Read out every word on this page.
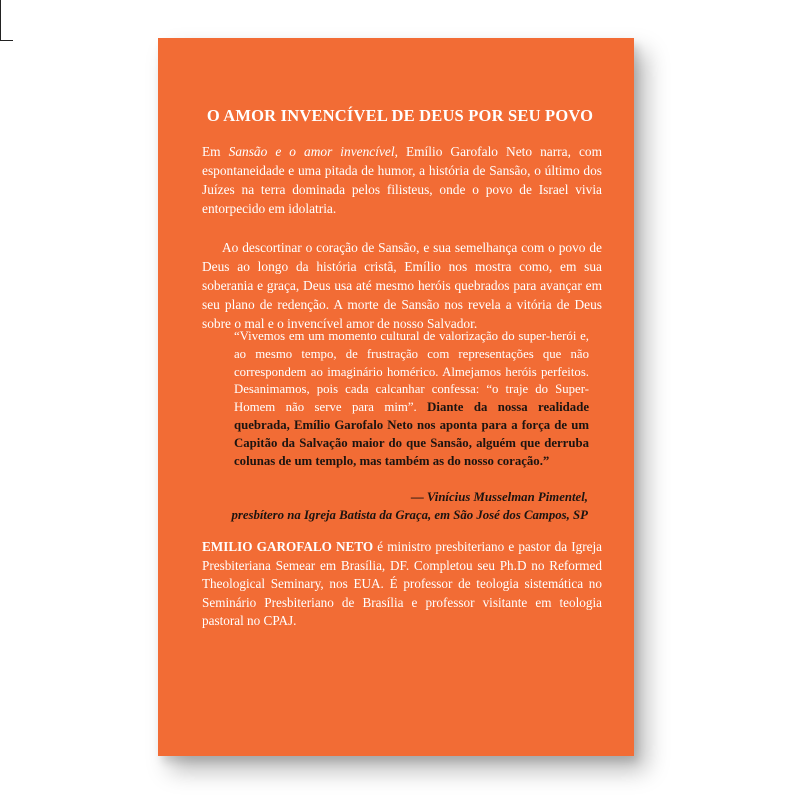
O AMOR INVENCÍVEL DE DEUS POR SEU POVO

Em Sansão e o amor invencível, Emílio Garofalo Neto narra, com espontaneidade e uma pitada de humor, a história de Sansão, o último dos Juízes na terra dominada pelos filisteus, onde o povo de Israel vivia entorpecido em idolatria.

Ao descortinar o coração de Sansão, e sua semelhança com o povo de Deus ao longo da história cristã, Emílio nos mostra como, em sua soberania e graça, Deus usa até mesmo heróis quebrados para avançar em seu plano de redenção. A morte de Sansão nos revela a vitória de Deus sobre o mal e o invencível amor de nosso Salvador.

“Vivemos em um momento cultural de valorização do super-herói e, ao mesmo tempo, de frustração com representações que não correspondem ao imaginário homérico. Almejamos heróis perfeitos. Desanimamos, pois cada calcanhar confessa: “o traje do Super-Homem não serve para mim”. Diante da nossa realidade quebrada, Emílio Garofalo Neto nos aponta para a força de um Capitão da Salvação maior do que Sansão, alguém que derruba colunas de um templo, mas também as do nosso coração.”

— Vinícius Musselman Pimentel,
presbítero na Igreja Batista da Graça, em São José dos Campos, SP

EMILIO GAROFALO NETO é ministro presbiteriano e pastor da Igreja Presbiteriana Semear em Brasília, DF. Completou seu Ph.D no Reformed Theological Seminary, nos EUA. É professor de teologia sistemática no Seminário Presbiteriano de Brasília e professor visitante em teologia pastoral no CPAJ.
